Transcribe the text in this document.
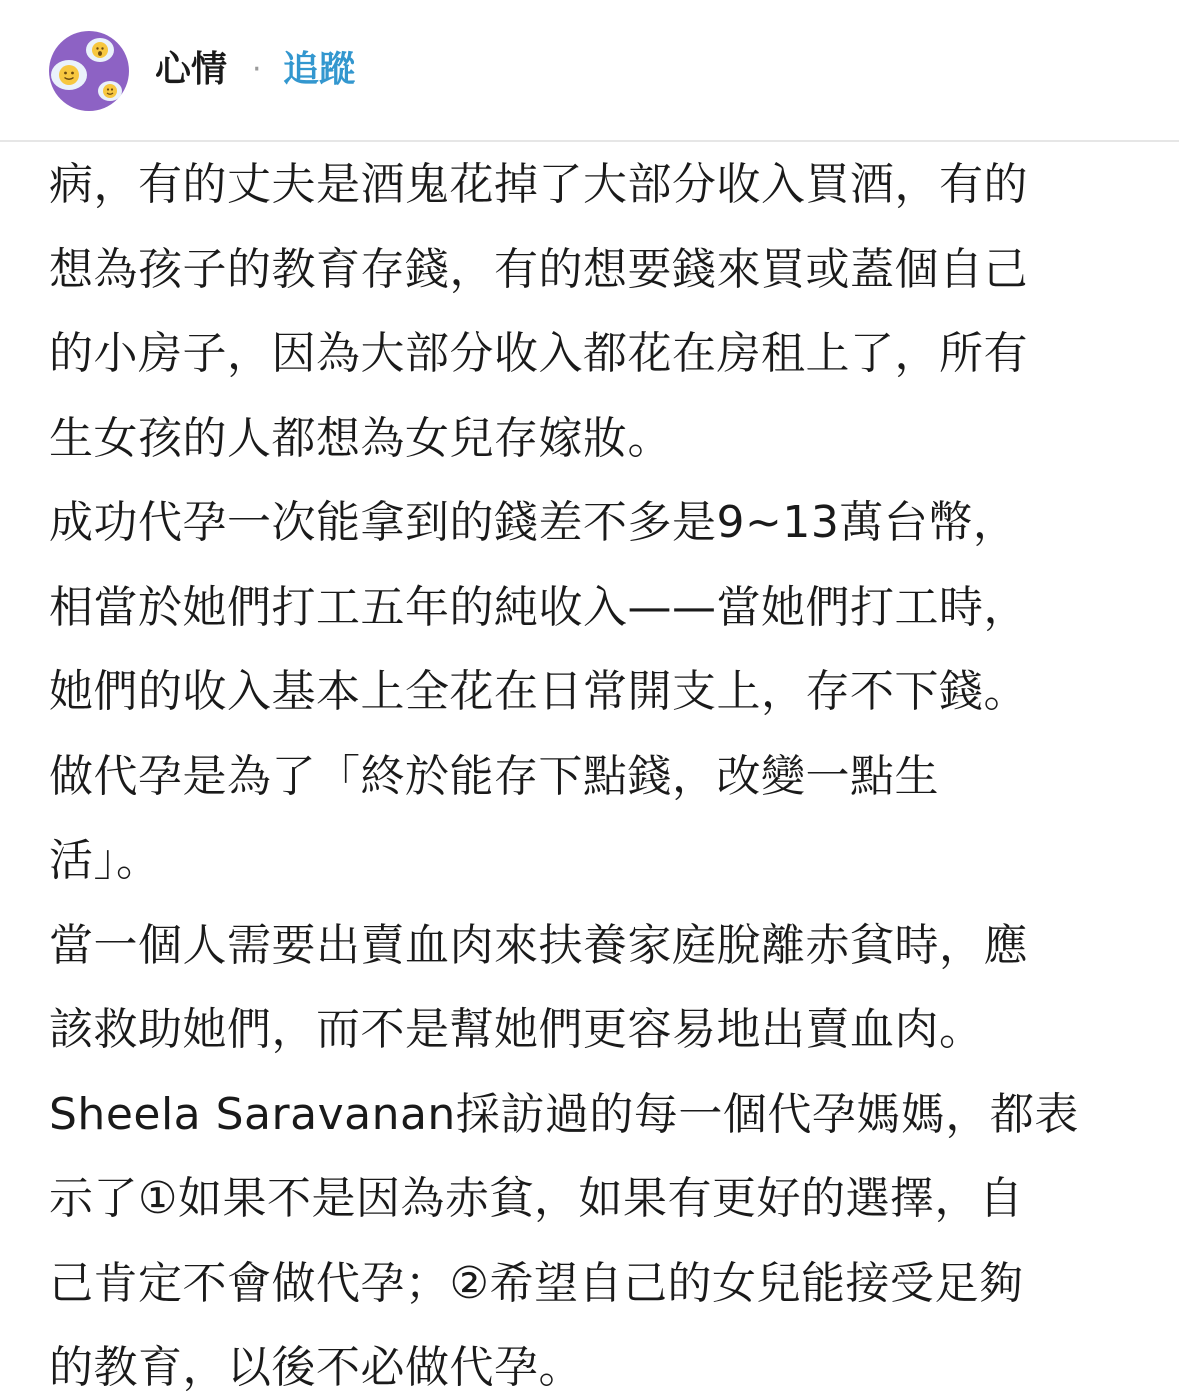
心情 · 追蹤

病，有的丈夫是酒鬼花掉了大部分收入買酒，有的

想為孩子的教育存錢，有的想要錢來買或蓋個自己

的小房子，因為大部分收入都花在房租上了，所有

生女孩的人都想為女兒存嫁妝。

成功代孕一次能拿到的錢差不多是9~13萬台幣，

相當於她們打工五年的純收入——當她們打工時，

她們的收入基本上全花在日常開支上，存不下錢。

做代孕是為了「終於能存下點錢，改變一點生

活」。

當一個人需要出賣血肉來扶養家庭脫離赤貧時，應

該救助她們，而不是幫她們更容易地出賣血肉。

Sheela Saravanan採訪過的每一個代孕媽媽，都表

示了①如果不是因為赤貧，如果有更好的選擇，自

己肯定不會做代孕；②希望自己的女兒能接受足夠

的教育，以後不必做代孕。
